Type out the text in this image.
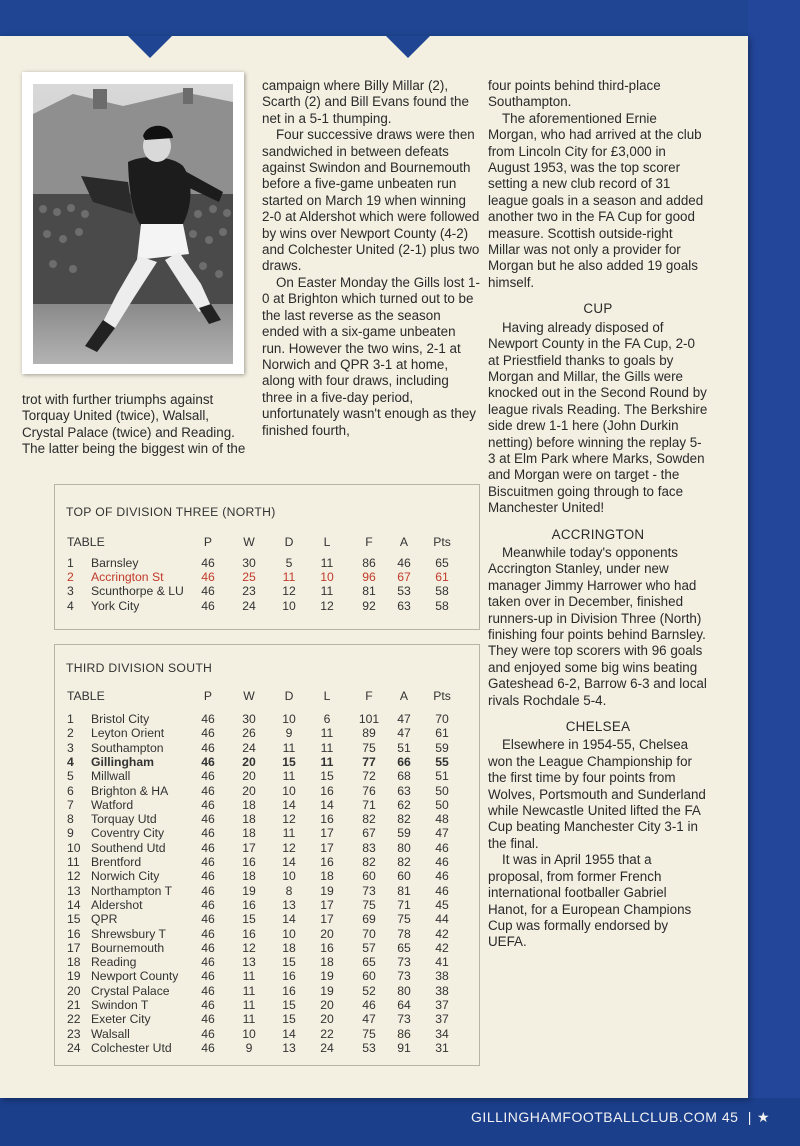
trot with further triumphs against Torquay United (twice), Walsall, Crystal Palace (twice) and Reading. The latter being the biggest win of the

campaign where Billy Millar (2), Scarth (2) and Bill Evans found the net in a 5-1 thumping.

Four successive draws were then sandwiched in between defeats against Swindon and Bournemouth before a five-game unbeaten run started on March 19 when winning 2-0 at Aldershot which were followed by wins over Newport County (4-2) and Colchester United (2-1) plus two draws.

On Easter Monday the Gills lost 1-0 at Brighton which turned out to be the last reverse as the season ended with a six-game unbeaten run. However the two wins, 2-1 at Norwich and QPR 3-1 at home, along with four draws, including three in a five-day period, unfortunately wasn't enough as they finished fourth,

four points behind third-place Southampton.

The aforementioned Ernie Morgan, who had arrived at the club from Lincoln City for £3,000 in August 1953, was the top scorer setting a new club record of 31 league goals in a season and added another two in the FA Cup for good measure. Scottish outside-right Millar was not only a provider for Morgan but he also added 19 goals himself.

CUP

Having already disposed of Newport County in the FA Cup, 2-0 at Priestfield thanks to goals by Morgan and Millar, the Gills were knocked out in the Second Round by league rivals Reading. The Berkshire side drew 1-1 here (John Durkin netting) before winning the replay 5-3 at Elm Park where Marks, Sowden and Morgan were on target - the Biscuitmen going through to face Manchester United!

ACCRINGTON

Meanwhile today's opponents Accrington Stanley, under new manager Jimmy Harrower who had taken over in December, finished runners-up in Division Three (North) finishing four points behind Barnsley. They were top scorers with 96 goals and enjoyed some big wins beating Gateshead 6-2, Barrow 6-3 and local rivals Rochdale 5-4.

CHELSEA

Elsewhere in 1954-55, Chelsea won the League Championship for the first time by four points from Wolves, Portsmouth and Sunderland while Newcastle United lifted the FA Cup beating Manchester City 3-1 in the final.

It was in April 1955 that a proposal, from former French international footballer Gabriel Hanot, for a European Champions Cup was formally endorsed by UEFA.

TOP OF DIVISION THREE (NORTH)
TABLE	P	W	D	L	F	A	Pts
1 Barnsley	46	30	5	11	86	46	65
2 Accrington St	46	25	11	10	96	67	61
3 Scunthorpe & LU	46	23	12	11	81	53	58
4 York City	46	24	10	12	92	63	58
THIRD DIVISION SOUTH
TABLE	P	W	D	L	F	A	Pts
1 Bristol City	46	30	10	6	101	47	70
2 Leyton Orient	46	26	9	11	89	47	61
3 Southampton	46	24	11	11	75	51	59
4 Gillingham	46	20	15	11	77	66	55
5 Millwall	46	20	11	15	72	68	51
6 Brighton & HA	46	20	10	16	76	63	50
7 Watford	46	18	14	14	71	62	50
8 Torquay Utd	46	18	12	16	82	82	48
9 Coventry City	46	18	11	17	67	59	47
10 Southend Utd	46	17	12	17	83	80	46
11 Brentford	46	16	14	16	82	82	46
12 Norwich City	46	18	10	18	60	60	46
13 Northampton T	46	19	8	19	73	81	46
14 Aldershot	46	16	13	17	75	71	45
15 QPR	46	15	14	17	69	75	44
16 Shrewsbury T	46	16	10	20	70	78	42
17 Bournemouth	46	12	18	16	57	65	42
18 Reading	46	13	15	18	65	73	41
19 Newport County	46	11	16	19	60	73	38
20 Crystal Palace	46	11	16	19	52	80	38
21 Swindon T	46	11	15	20	46	64	37
22 Exeter City	46	11	15	20	47	73	37
23 Walsall	46	10	14	22	75	86	34
24 Colchester Utd	46	9	13	24	53	91	31
GILLINGHAMFOOTBALLCLUB.COM 45 | ★
